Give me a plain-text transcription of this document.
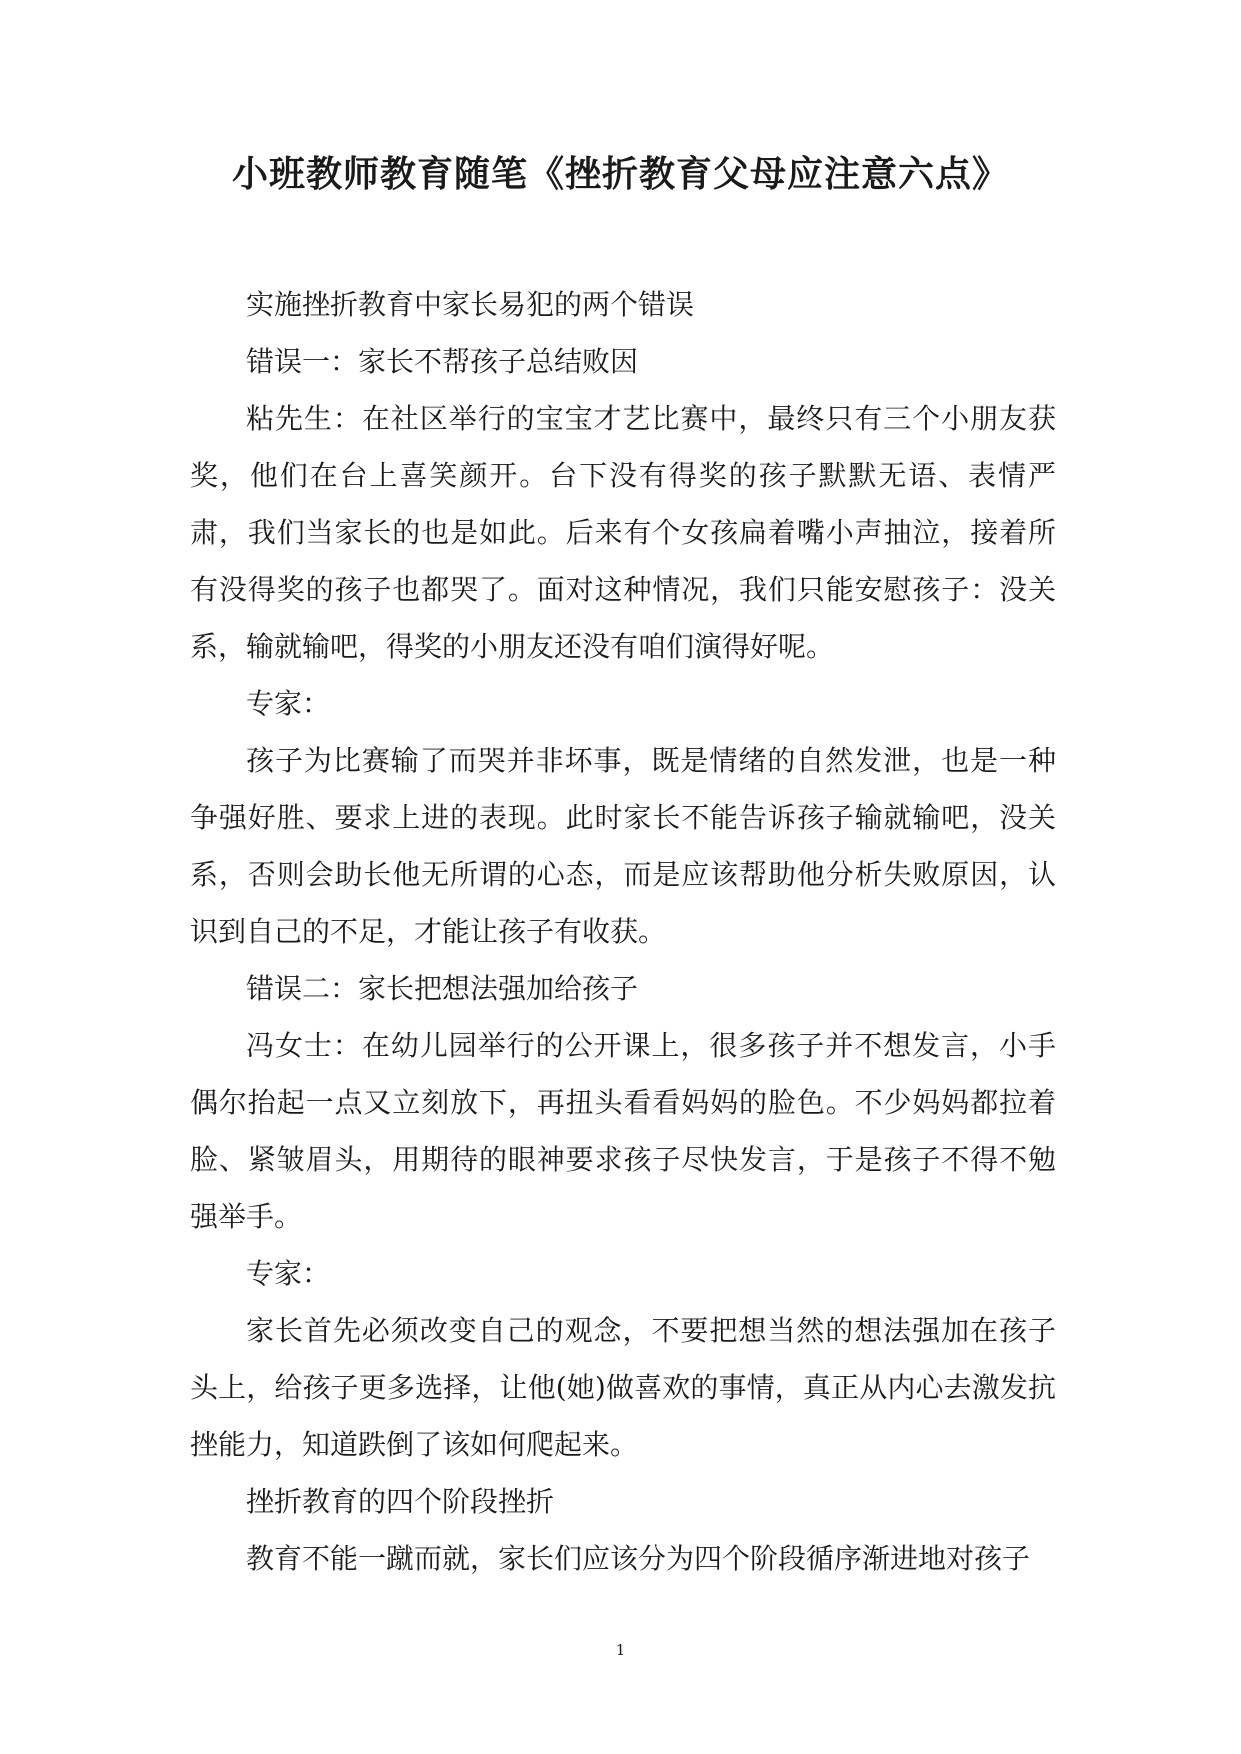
小班教师教育随笔《挫折教育父母应注意六点》

实施挫折教育中家长易犯的两个错误

错误一：家长不帮孩子总结败因

粘先生：在社区举行的宝宝才艺比赛中，最终只有三个小朋友获奖，他们在台上喜笑颜开。台下没有得奖的孩子默默无语、表情严肃，我们当家长的也是如此。后来有个女孩扁着嘴小声抽泣，接着所有没得奖的孩子也都哭了。面对这种情况，我们只能安慰孩子：没关系，输就输吧，得奖的小朋友还没有咱们演得好呢。

专家：

孩子为比赛输了而哭并非坏事，既是情绪的自然发泄，也是一种争强好胜、要求上进的表现。此时家长不能告诉孩子输就输吧，没关系，否则会助长他无所谓的心态，而是应该帮助他分析失败原因，认识到自己的不足，才能让孩子有收获。

错误二：家长把想法强加给孩子

冯女士：在幼儿园举行的公开课上，很多孩子并不想发言，小手偶尔抬起一点又立刻放下，再扭头看看妈妈的脸色。不少妈妈都拉着脸、紧皱眉头，用期待的眼神要求孩子尽快发言，于是孩子不得不勉强举手。

专家：

家长首先必须改变自己的观念，不要把想当然的想法强加在孩子头上，给孩子更多选择，让他(她)做喜欢的事情，真正从内心去激发抗挫能力，知道跌倒了该如何爬起来。

挫折教育的四个阶段挫折

教育不能一蹴而就，家长们应该分为四个阶段循序渐进地对孩子

1
